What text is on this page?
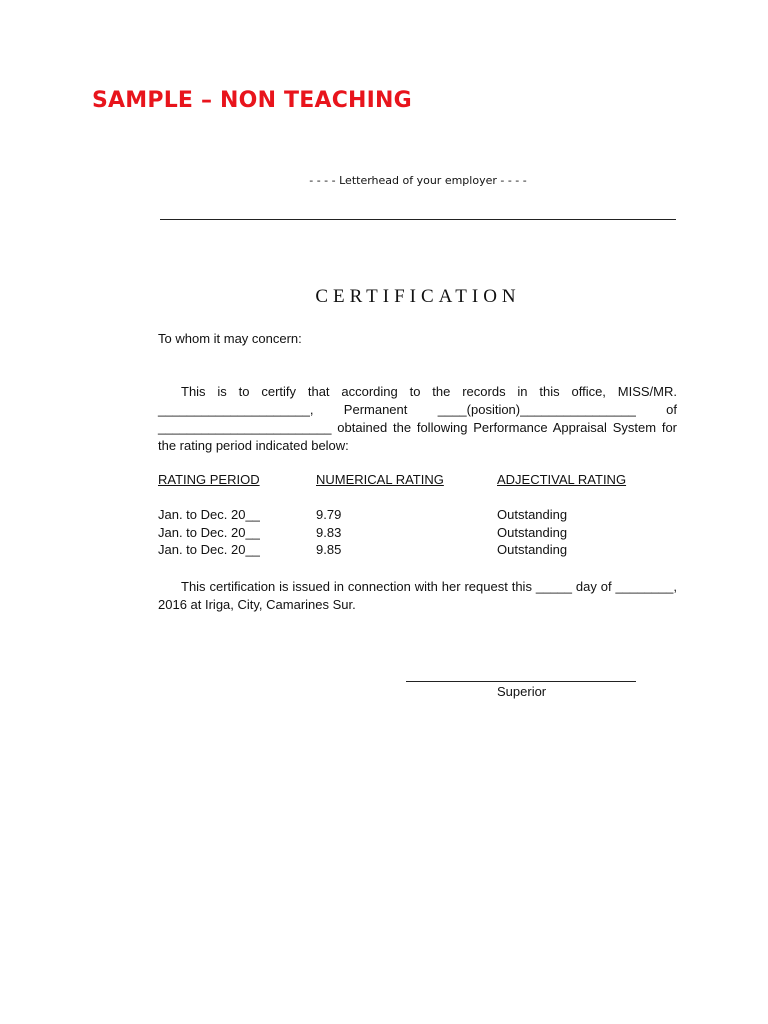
SAMPLE – NON TEACHING
- - - - Letterhead of your employer - - - -
CERTIFICATION
To whom it may concern:
This is to certify that according to the records in this office, MISS/MR. _____________________, Permanent ____(position)________________ of ________________________ obtained the following Performance Appraisal System for the rating period indicated below:
RATING PERIOD	NUMERICAL RATING	ADJECTIVAL RATING
Jan. to Dec. 20__	9.79	Outstanding
Jan. to Dec. 20__	9.83	Outstanding
Jan. to Dec. 20__	9.85	Outstanding
This certification is issued in connection with her request this _____ day of ________, 2016 at Iriga, City, Camarines Sur.
Superior
